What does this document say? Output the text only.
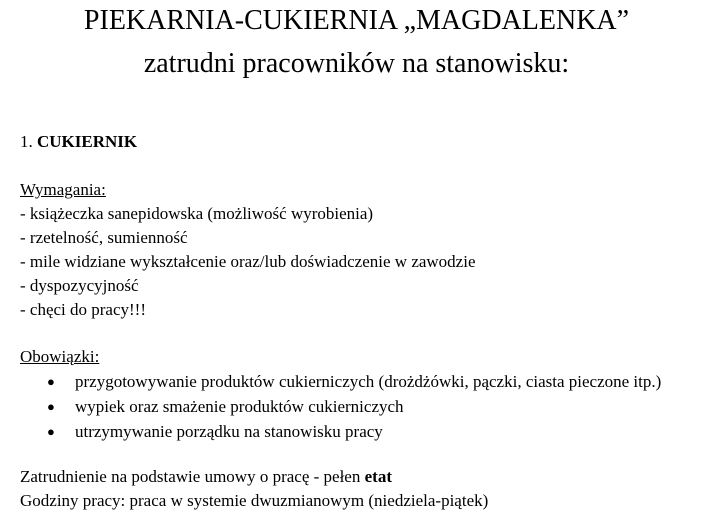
PIEKARNIA-CUKIERNIA „MAGDALENKA”
zatrudni pracowników na stanowisku:
1. CUKIERNIK
Wymagania:
- książeczka sanepidowska (możliwość wyrobienia)
- rzetelność, sumienność
- mile widziane wykształcenie oraz/lub doświadczenie w zawodzie
- dyspozycyjność
- chęci do pracy!!!
Obowiązki:
● przygotowywanie produktów cukierniczych (drożdżówki, pączki, ciasta pieczone itp.)
● wypiek oraz smażenie produktów cukierniczych
● utrzymywanie porządku na stanowisku pracy
Zatrudnienie na podstawie umowy o pracę - pełen etat
Godziny pracy: praca w systemie dwuzmianowym (niedziela-piątek)
